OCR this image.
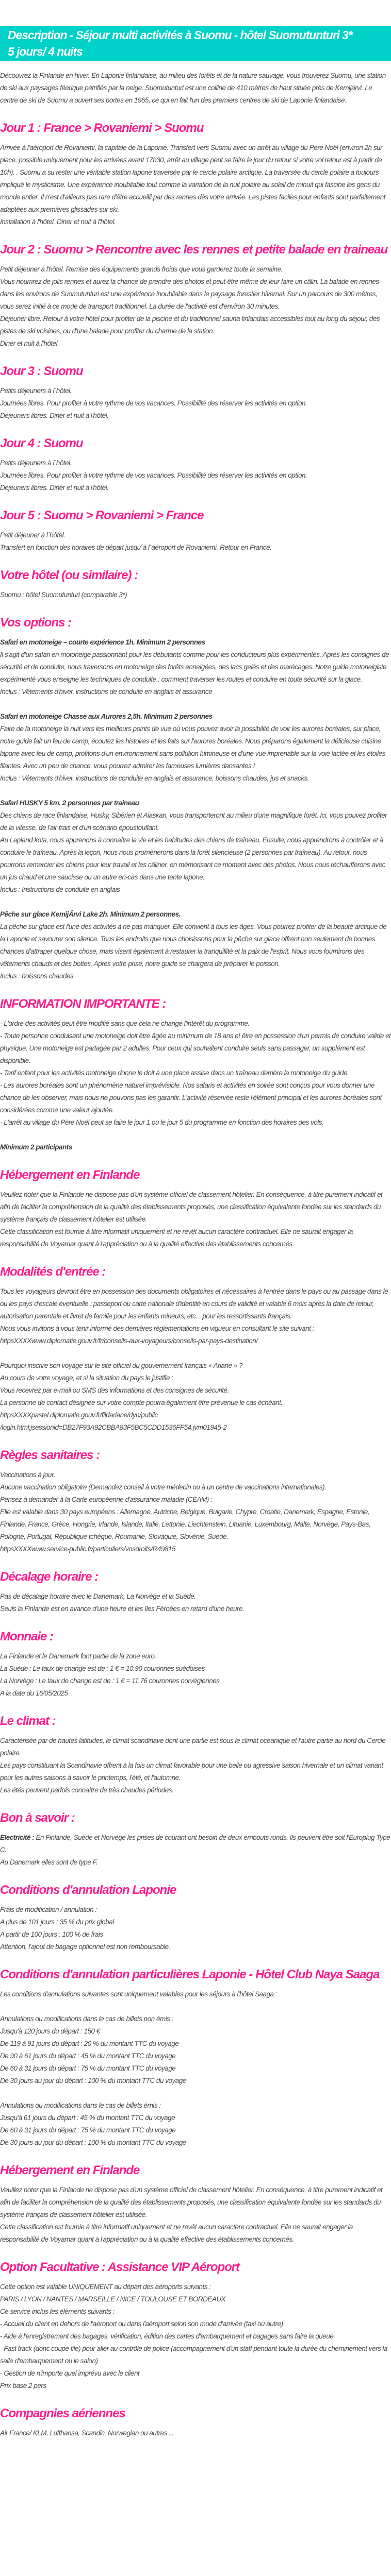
Description - Séjour multi activités à Suomu - hôtel Suomutunturi 3*
5 jours/ 4 nuits
Découvrez la Finlande en hiver. En Laponie finlandaise, au milieu des forêts et de la nature sauvage, vous trouverez Suomu, une station de ski aux paysages féerique pétrifiés par la neige. Suomutunturi est une colline de 410 mètres de haut située près de Kemijärvi. Le centre de ski de Suomu a ouvert ses portes en 1965, ce qui en fait l'un des premiers centres de ski de Laponie finlandaise.
Jour 1 : France > Rovaniemi > Suomu
Arrivée à l'aéroport de Rovaniemi, la capitale de la Laponie. Transfert vers Suomu avec un arrêt au village du Père Noël (environ 2h sur place, possible uniquement pour les arrivées avant 17h30, arrêt au village peut se faire le jour du retour si votre vol retour est à partir de 10h). . Suomu a su rester une véritable station lapone traversée par le cercle polaire arctique. La traversée du cercle polaire a toujours impliqué le mysticisme. Une expérience inoubliable tout comme la variation de la nuit polaire au soleil de minuit qui fascine les gens du monde entier. Il n'est d'ailleurs pas rare d'être accueilli par des rennes dès votre arrivée. Les pistes faciles pour enfants sont parfaitement adaptées aux premières glissades sur ski.
Installation à l'hôtel. Diner et nuit à l'hôtel.
Jour 2 : Suomu > Rencontre avec les rennes et petite balade en traineau
Petit déjeuner à l'hôtel. Remise des équipements grands froids que vous garderez toute la semaine.
Vous nourrirez de jolis rennes et aurez la chance de prendre des photos et peut-être même de leur faire un câlin. La balade en rennes dans les environs de Suomutunturi est une expérience inoubliable dans le paysage forestier hivernal. Sur un parcours de 300 mètres, vous serez initié à ce mode de transport traditionnel. La durée de l'activité est d'environ 30 minutes.
Déjeuner libre. Retour à votre hôtel pour profiter de la piscine et du traditionnel sauna finlandais accessibles tout au long du séjour, des pistes de ski voisines, ou d'une balade pour profiter du charme de la station.
Diner et nuit à l'hôtel
Jour 3 : Suomu
Petits déjeuners à l´hôtel.
Journées libres. Pour profiter à votre rythme de vos vacances. Possibilité des réserver les activités en option.
Déjeuners libres. Diner et nuit à l'hôtel.
Jour 4 : Suomu
Petits déjeuners à l´hôtel.
Journées libres. Pour profiter à votre rythme de vos vacances. Possibilité des réserver les activités en option.
Déjeuners libres. Diner et nuit à l'hôtel.
Jour 5 : Suomu > Rovaniemi > France
Petit déjeuner à l´hôtel.
Transfert en fonction des horaires de départ jusqu´à l´aéroport de Rovaniemi. Retour en France.
Votre hôtel (ou similaire) :
Suomu : hôtel Suomutunturi (comparable 3*)
Vos options :
Safari en motoneige – courte expérience 1h. Minimum 2 personnes
Il s'agit d'un safari en motoneige passionnant pour les débutants comme pour les conducteurs plus expérimentés. Après les consignes de sécurité et de conduite, nous traversons en motoneige des forêts enneigées, des lacs gelés et des marécages. Notre guide motoneigiste expérimenté vous enseigne les techniques de conduite : comment traverser les routes et conduire en toute sécurité sur la glace.
Inclus : Vêtements d'hiver, instructions de conduite en anglais et assurance
Safari en motoneige Chasse aux Aurores 2,5h. Minimum 2 personnes
Faire de la motoneige la nuit vers les meilleurs points de vue où vous pouvez avoir la possibilité de voir les aurores boréales, sur place, notre guide fait un feu de camp, écoutez les histoires et les faits sur l'aurores boréales. Nous préparons également la délicieuse cuisine lapone avec feu de camp, profitons d'un environnement sans pollution lumineuse et d'une vue imprenable sur la voie lactée et les étoiles filantes. Avec un peu de chance, vous pourrez admirer les fameuses lumières dansantes !
Inclus : Vêtements d'hiver, instructions de conduite en anglais et assurance, boissons chaudes, jus et snacks.
Safari HUSKY 5 km. 2 personnes par traineau
Des chiens de race finlandaise, Husky, Sibérien et Alaskan, vous transporteront au milieu d'une magnifique forêt. Ici, vous pouvez profiter de la vitesse, de l'air frais et d'un scénario époustouflant.
Au Lapland kota, nous apprenons à connaître la vie et les habitudes des chiens de traîneau. Ensuite, nous apprendrons à contrôler et à conduire le traîneau. Après la leçon, nous nous promènerons dans la forêt silencieuse (2 personnes par traîneau). Au retour, nous pourrons remercier les chiens pour leur travail et les câliner, en mémorisant ce moment avec des photos. Nous nous réchaufferons avec un jus chaud et une saucisse ou un autre en-cas dans une tente lapone.
Inclus : Instructions de conduite en anglais
Pêche sur glace KemijÄrvi Lake 2h. Minimum 2 personnes.
La pêche sur glace est l'une des activités à ne pas manquer. Elle convient à tous les âges. Vous pourrez profiter de la beauté arctique de la Laponie et savourer son silence. Tous les endroits que nous choisissons pour la pêche sur glace offrent non seulement de bonnes chances d'attraper quelque chose, mais visent également à restaurer la tranquillité et la paix de l'esprit. Nous vous fournirons des vêtements chauds et des bottes. Après votre prise, notre guide se chargera de préparer le poisson.
Inclus : boissons chaudes.
INFORMATION IMPORTANTE :
- L'ordre des activités peut être modifié sans que cela ne change l'intérêt du programme.
- Toute personne conduisant une motoneige doit être âgée au minimum de 18 ans et être en possession d'un permis de conduire valide et physique. Une motoneige est partagée par 2 adultes. Pour ceux qui souhaitent conduire seuls sans passager, un supplément est disponible.
- Tarif enfant pour les activités motoneige donne le doit à une place assise dans un traîneau derrière la motoneige du guide.
- Les aurores boréales sont un phénomène naturel imprévisible. Nos safaris et activités en soirée sont conçus pour vous donner une chance de les observer, mais nous ne pouvons pas les garantir. L'activité réservée reste l'élément principal et les aurores boréales sont considérées comme une valeur ajoutée.
- L'arrêt au village du Père Noël peut se faire le jour 1 ou le jour 5 du programme en fonction des horaires des vols.
Minimum 2 participants
Hébergement en Finlande
Veuillez noter que la Finlande ne dispose pas d'un système officiel de classement hôtelier. En conséquence, à titre purement indicatif et afin de faciliter la compréhension de la qualité des établissements proposés, une classification équivalente fondée sur les standards du système français de classement hôtelier est utilisée.
Cette classification est fournie à titre informatif uniquement et ne revêt aucun caractère contractuel. Elle ne saurait engager la responsabilité de Voyamar quant à l'appréciation ou à la qualité effective des établissements concernés.
Modalités d'entrée :
Tous les voyageurs devront être en possession des documents obligatoires et nécessaires à l'entrée dans le pays ou au passage dans le ou les pays d'escale éventuelle : passeport ou carte nationale d'identité en cours de validité et valable 6 mois après la date de retour, autorisation parentale et livret de famille pour les enfants mineurs, etc…pour les ressortissants français.
Nous vous invitons à vous tenir informé des dernières réglementations en vigueur en consultant le site suivant : httpsXXXXwww.diplomatie.gouv.fr/fr/conseils-aux-voyageurs/conseils-par-pays-destination/
Pourquoi inscrire son voyage sur le site officiel du gouvernement français « Ariane » ?
Au cours de votre voyage, et si la situation du pays le justifie :
Vous recevrez par e-mail ou SMS des informations et des consignes de sécurité.
La personne de contact désignée sur votre compte pourra également être prévenue le cas échéant.
httpsXXXXpastel.diplomatie.gouv.fr/fildariane/dyn/public
/login.html;jsessionid=DB27F93A92CBBA83F5BC5CDD1536FF54.jvm01945-2
Règles sanitaires :
Vaccinations à jour.
Aucune vaccination obligatoire (Demandez conseil à votre médecin ou à un centre de vaccinations internationales).
Pensez à demander à la Carte européenne d'assurance maladie (CEAM) :
Elle est valable dans 30 pays européens : Allemagne, Autriche, Belgique, Bulgarie, Chypre, Croatie, Danemark, Espagne, Estonie, Finlande, France, Grèce, Hongrie, Irlande, Islande, Italie, Lettonie, Liechtenstein, Lituanie, Luxembourg, Malte, Norvège, Pays-Bas, Pologne, Portugal, République tchèque, Roumanie, Slovaquie, Slovénie, Suède.
httpsXXXXwww.service-public.fr/particuliers/vosdroits/R49815
Décalage horaire :
Pas de décalage horaire avec le Danemark, La Norvège et la Suède.
Seuls la Finlande est en avance d'une heure et les îles Féroées en retard d'une heure.
Monnaie :
La Finlande et le Danemark font partie de la zone euro.
La Suède : Le taux de change est de : 1 € = 10.90 couronnes suédoises
La Norvège : Le taux de change est de : 1 € = 11.76 couronnes norvégiennes
A la date du 16/05/2025
Le climat :
Caractérisée par de hautes latitudes, le climat scandinave dont une partie est sous le climat océanique et l'autre partie au nord du Cercle polaire.
Les pays constituant la Scandinavie offrent à la fois un climat favorable pour une belle ou agressive saison hivernale et un climat variant pour les autres saisons à savoir le printemps, l'été, et l'automne.
Les étés peuvent parfois connaître de très chaudes périodes.
Bon à savoir :
Electricité : En Finlande, Suède et Norvège les prises de courant ont besoin de deux embouts ronds. Ils peuvent être soit l'Europlug Type C.
Au Danemark elles sont de type F.
Conditions d'annulation Laponie
Frais de modification / annulation :
A plus de 101 jours : 35 % du prix global
A partir de 100 jours : 100 % de frais
Attention, l'ajout de bagage optionnel est non remboursable.
Conditions d'annulation particulières Laponie - Hôtel Club Naya Saaga
Les conditions d'annulations suivantes sont uniquement valables pour les séjours à l'hôtel Saaga :
Annulations ou modifications dans le cas de billets non émis :
Jusqu'à 120 jours du départ : 150 €
De 119 à 91 jours du départ : 20 % du montant TTC du voyage
De 90 à 61 jours du départ : 45 % du montant TTC du voyage
De 60 à 31 jours du départ : 75 % du montant TTC du voyage
De 30 jours au jour du départ : 100 % du montant TTC du voyage
Annulations ou modifications dans le cas de billets émis :
Jusqu'à 61 jours du départ : 45 % du montant TTC du voyage
De 60 à 31 jours du départ : 75 % du montant TTC du voyage
De 30 jours au jour du départ : 100 % du montant TTC du voyage
Hébergement en Finlande
Veuillez noter que la Finlande ne dispose pas d'un système officiel de classement hôtelier. En conséquence, à titre purement indicatif et afin de faciliter la compréhension de la qualité des établissements proposés, une classification équivalente fondée sur les standards du système français de classement hôtelier est utilisée.
Cette classification est fournie à titre informatif uniquement et ne revêt aucun caractère contractuel. Elle ne saurait engager la responsabilité de Voyamar quant à l'appréciation ou à la qualité effective des établissements concernés.
Option Facultative : Assistance VIP Aéroport
Cette option est valable UNIQUEMENT au départ des aéroports suivants :
PARIS / LYON / NANTES / MARSEILLE / NICE / TOULOUSE ET BORDEAUX
Ce service inclus les éléments suivants :
- Accueil du client en dehors de l'aéroport ou dans l'aéroport selon son mode d'arrivée (taxi ou autre)
- Aide à l'enregistrement des bagages, vérification, édition des cartes d'embarquement et bagages sans faire la queue
- Fast track (donc coupe file) pour aller au contrôle de police (accompagnement d'un staff pendant toute la durée du cheminement vers la salle d'embarquement ou le salon)
- Gestion de n'importe quel imprévu avec le client
Prix base 2 pers
Compagnies aériennes
Air France/ KLM, Lufthansa, Scandic, Norwegian ou autres ...
